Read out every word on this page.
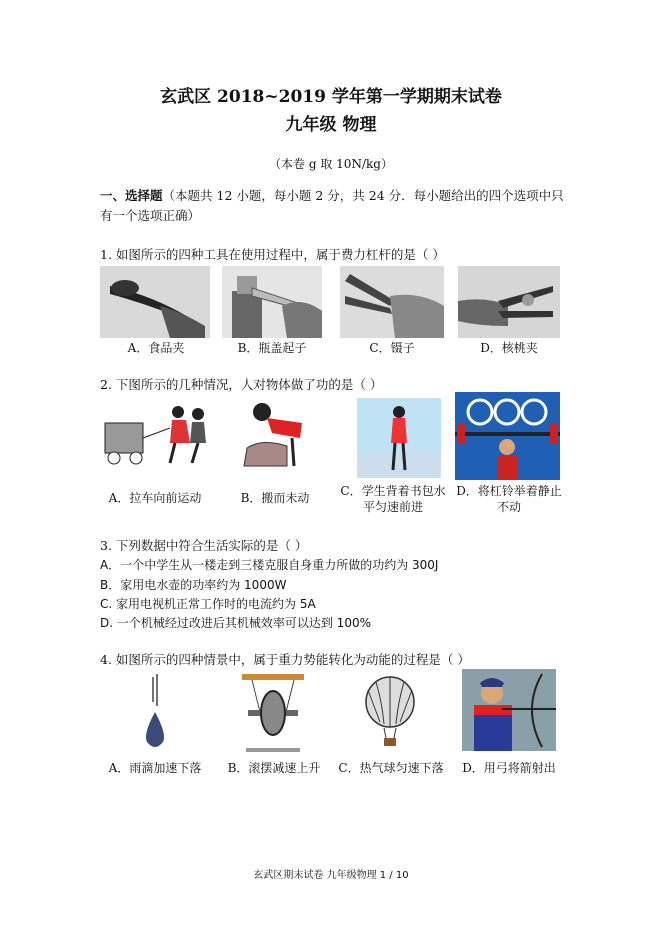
玄武区 2018~2019 学年第一学期期末试卷
九年级 物理
（本卷 g 取 10N/kg）
一、选择题（本题共 12 小题，每小题 2 分，共 24 分．每小题给出的四个选项中只有一个选项正确）
1. 如图所示的四种工具在使用过程中，属于费力杠杆的是（ ）
A．食品夹	B．瓶盖起子	C．镊子	D．核桃夹
2. 下图所示的几种情况，人对物体做了功的是（ ）
A．拉车向前运动	B．搬而未动	C．学生背着书包水平匀速前进
D．将杠铃举着静止不动
3. 下列数据中符合生活实际的是（ ）
A．一个中学生从一楼走到三楼克服自身重力所做的功约为 300J
B．家用电水壶的功率约为 1000W
C. 家用电视机正常工作时的电流约为 5A
D. 一个机械经过改进后其机械效率可以达到 100%
4. 如图所示的四种情景中，属于重力势能转化为动能的过程是（ ）
A．雨滴加速下落	B．滚摆减速上升	C．热气球匀速下落	D．用弓将箭射出
玄武区期末试卷 九年级物理 1 / 10
